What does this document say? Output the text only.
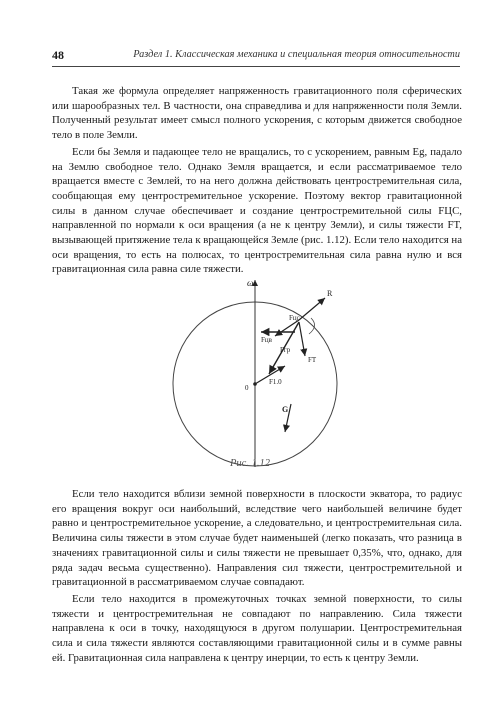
48	Раздел 1. Классическая механика и специальная теория относительности

Такая же формула определяет напряженность гравитационного поля сферических или шарообразных тел. В частности, она справедлива и для напряженности поля Земли. Полученный результат имеет смысл полного ускорения, с которым движется свободное тело в поле Земли.

Если бы Земля и падающее тело не вращались, то с ускорением, равным Eg, падало на Землю свободное тело. Однако Земля вращается, и если рассматриваемое тело вращается вместе с Землей, то на него должна действовать центростремительная сила, сообщающая ему центростремительное ускорение. Поэтому вектор гравитационной силы в данном случае обеспечивает и создание центростремительной силы FЦС, направленной по нормали к оси вращения (а не к центру Земли), и силы тяжести FT, вызывающей притяжение тела к вращающейся Земле (рис. 1.12). Если тело находится на оси вращения, то есть на полюсах, то центростремительная сила равна нулю и вся гравитационная сила равна силе тяжести.

ω
R
Fцс
Fцв
Fгр
FT
0
F1.0
G
Рис. 1.12

Если тело находится вблизи земной поверхности в плоскости экватора, то радиус его вращения вокруг оси наибольший, вследствие чего наибольшей величине будет равно и центростремительное ускорение, а следовательно, и центростремительная сила. Величина силы тяжести в этом случае будет наименьшей (легко показать, что разница в значениях гравитационной силы и силы тяжести не превышает 0,35%, что, однако, для ряда задач весьма существенно). Направления сил тяжести, центростремительной и гравитационной в рассматриваемом случае совпадают.

Если тело находится в промежуточных точках земной поверхности, то силы тяжести и центростремительная не совпадают по направлению. Сила тяжести направлена к оси в точку, находящуюся в другом полушарии. Центростремительная сила и сила тяжести являются составляющими гравитационной силы и в сумме равны ей. Гравитационная сила направлена к центру инерции, то есть к центру Земли.
